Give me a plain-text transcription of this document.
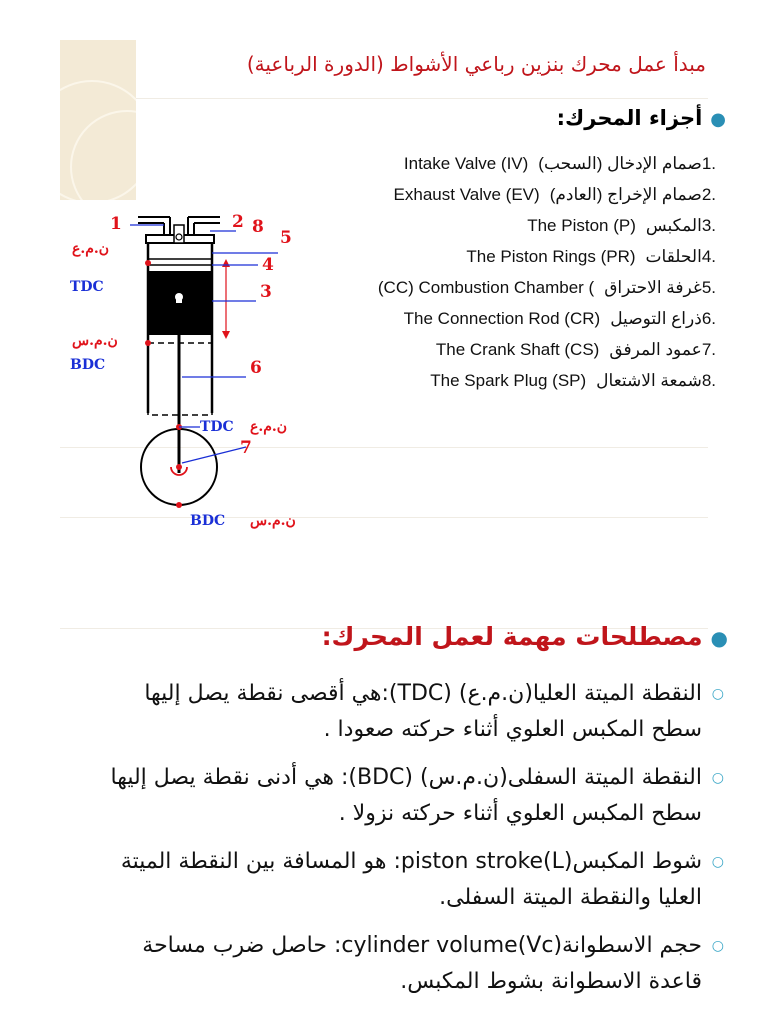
مبدأ عمل محرك بنزين رباعي الأشواط (الدورة الرباعية)
●أجزاء المحرك:
1.صمام الإدخال (السحب)Intake Valve (IV)
2.صمام الإخراج (العادم)Exhaust Valve (EV)
3.المكبسThe Piston (P)
4.الحلقاتThe Piston Rings (PR)
5.غرفة الاحتراق(CC) Combustion Chamber (
6.ذراع التوصيلThe Connection Rod (CR)
7.عمود المرفقThe Crank Shaft (CS)
8.شمعة الاشتعالThe Spark Plug (SP)
1	2 8
5
4
3
6
7
ن.م.ع
TDC
ن.م.س
BDC
TDC ن.م.ع
BDC ن.م.س
●مصطلحات مهمة لعمل المحرك:
○
النقطة الميتة العليا(ن.م.ع) (TDC):هي أقصى نقطة يصل إليها سطح المكبس العلوي أثناء حركته صعودا .
○
النقطة الميتة السفلى(ن.م.س) (BDC): هي أدنى نقطة يصل إليها سطح المكبس العلوي أثناء حركته نزولا .
○
شوط المكبس(L)piston stroke: هو المسافة بين النقطة الميتة العليا والنقطة الميتة السفلى.
○
حجم الاسطوانة(Vc)cylinder volume: حاصل ضرب مساحة قاعدة الاسطوانة بشوط المكبس.
